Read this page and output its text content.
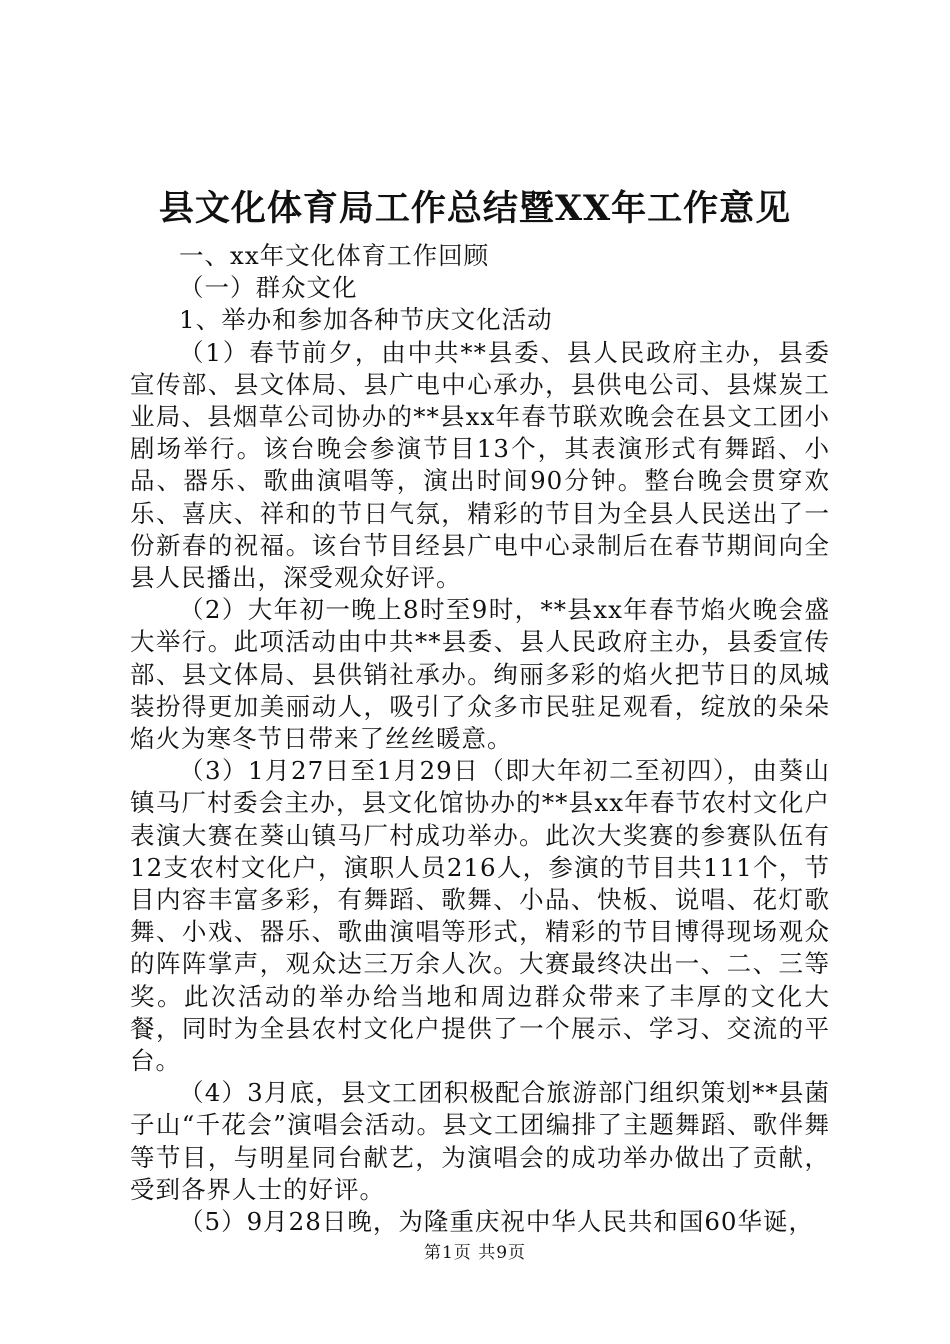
县文化体育局工作总结暨XX年工作意见

一、xx年文化体育工作回顾

（一）群众文化

1、举办和参加各种节庆文化活动

（1）春节前夕，由中共**县委、县人民政府主办，县委宣传部、县文体局、县广电中心承办，县供电公司、县煤炭工业局、县烟草公司协办的**县xx年春节联欢晚会在县文工团小剧场举行。该台晚会参演节目13个，其表演形式有舞蹈、小品、器乐、歌曲演唱等，演出时间90分钟。整台晚会贯穿欢乐、喜庆、祥和的节日气氛，精彩的节目为全县人民送出了一份新春的祝福。该台节目经县广电中心录制后在春节期间向全县人民播出，深受观众好评。

（2）大年初一晚上8时至9时，**县xx年春节焰火晚会盛大举行。此项活动由中共**县委、县人民政府主办，县委宣传部、县文体局、县供销社承办。绚丽多彩的焰火把节日的凤城装扮得更加美丽动人，吸引了众多市民驻足观看，绽放的朵朵焰火为寒冬节日带来了丝丝暖意。

（3）1月27日至1月29日（即大年初二至初四），由葵山镇马厂村委会主办，县文化馆协办的**县xx年春节农村文化户表演大赛在葵山镇马厂村成功举办。此次大奖赛的参赛队伍有12支农村文化户，演职人员216人，参演的节目共111个，节目内容丰富多彩，有舞蹈、歌舞、小品、快板、说唱、花灯歌舞、小戏、器乐、歌曲演唱等形式，精彩的节目博得现场观众的阵阵掌声，观众达三万余人次。大赛最终决出一、二、三等奖。此次活动的举办给当地和周边群众带来了丰厚的文化大餐，同时为全县农村文化户提供了一个展示、学习、交流的平台。

（4）3月底，县文工团积极配合旅游部门组织策划**县菌子山“千花会”演唱会活动。县文工团编排了主题舞蹈、歌伴舞等节目，与明星同台献艺，为演唱会的成功举办做出了贡献，受到各界人士的好评。

（5）9月28日晚，为隆重庆祝中华人民共和国60华诞，

第1页 共9页
